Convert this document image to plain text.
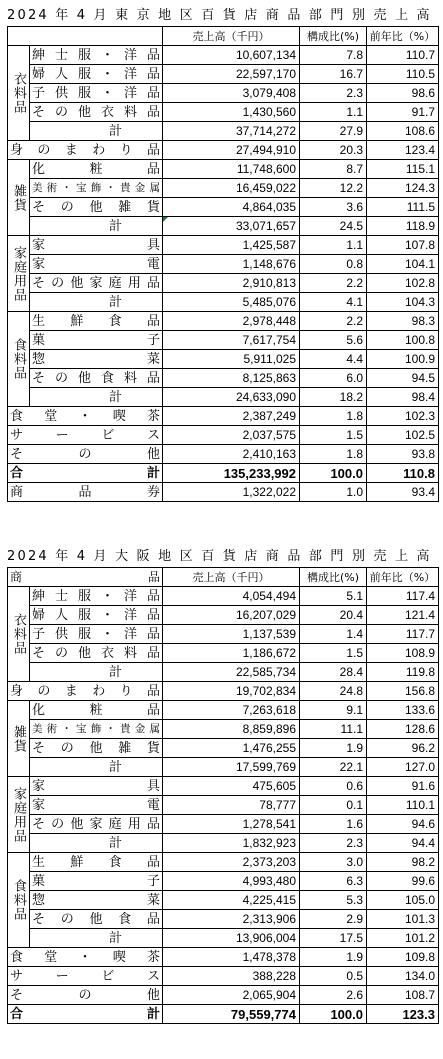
2024 年 4 月 東 京 地 区 百 貨 店 商 品 部 門 別 売 上 高
		売上高（千円）	構成比(%)	前年比（%）
衣料品	紳士服・洋品	10,607,134	7.8	110.7
	婦人服・洋品	22,597,170	16.7	110.5
	子供服・洋品	3,079,408	2.3	98.6
	その他衣料品	1,430,560	1.1	91.7
	計	37,714,272	27.9	108.6
身のまわり品		27,494,910	20.3	123.4
雑貨	化粧品	11,748,600	8.7	115.1
	美術・宝飾・貴金属	16,459,022	12.2	124.3
	その他雑貨	4,864,035	3.6	111.5
	計	33,071,657	24.5	118.9
家庭用品	家具	1,425,587	1.1	107.8
	家電	1,148,676	0.8	104.1
	その他家庭用品	2,910,813	2.2	102.8
	計	5,485,076	4.1	104.3
食料品	生鮮食品	2,978,448	2.2	98.3
	菓子	7,617,754	5.6	100.8
	惣菜	5,911,025	4.4	100.9
	その他食料品	8,125,863	6.0	94.5
	計	24,633,090	18.2	98.4
食堂・喫茶		2,387,249	1.8	102.3
サービス		2,037,575	1.5	102.5
その他		2,410,163	1.8	93.8
合 計		135,233,992	100.0	110.8
商品券		1,322,022	1.0	93.4
2024 年 4 月 大 阪 地 区 百 貨 店 商 品 部 門 別 売 上 高
商 品		売上高（千円）	構成比(%)	前年比（%）
衣料品	紳士服・洋品	4,054,494	5.1	117.4
	婦人服・洋品	16,207,029	20.4	121.4
	子供服・洋品	1,137,539	1.4	117.7
	その他衣料品	1,186,672	1.5	108.9
	計	22,585,734	28.4	119.8
身のまわり品		19,702,834	24.8	156.8
雑貨	化粧品	7,263,618	9.1	133.6
	美術・宝飾・貴金属	8,859,896	11.1	128.6
	その他雑貨	1,476,255	1.9	96.2
	計	17,599,769	22.1	127.0
家庭用品	家具	475,605	0.6	91.6
	家電	78,777	0.1	110.1
	その他家庭用品	1,278,541	1.6	94.6
	計	1,832,923	2.3	94.4
食料品	生鮮食品	2,373,203	3.0	98.2
	菓子	4,993,480	6.3	99.6
	惣菜	4,225,415	5.3	105.0
	その他食品	2,313,906	2.9	101.3
	計	13,906,004	17.5	101.2
食堂・喫茶		1,478,378	1.9	109.8
サービス		388,228	0.5	134.0
その他		2,065,904	2.6	108.7
合 計		79,559,774	100.0	123.3
